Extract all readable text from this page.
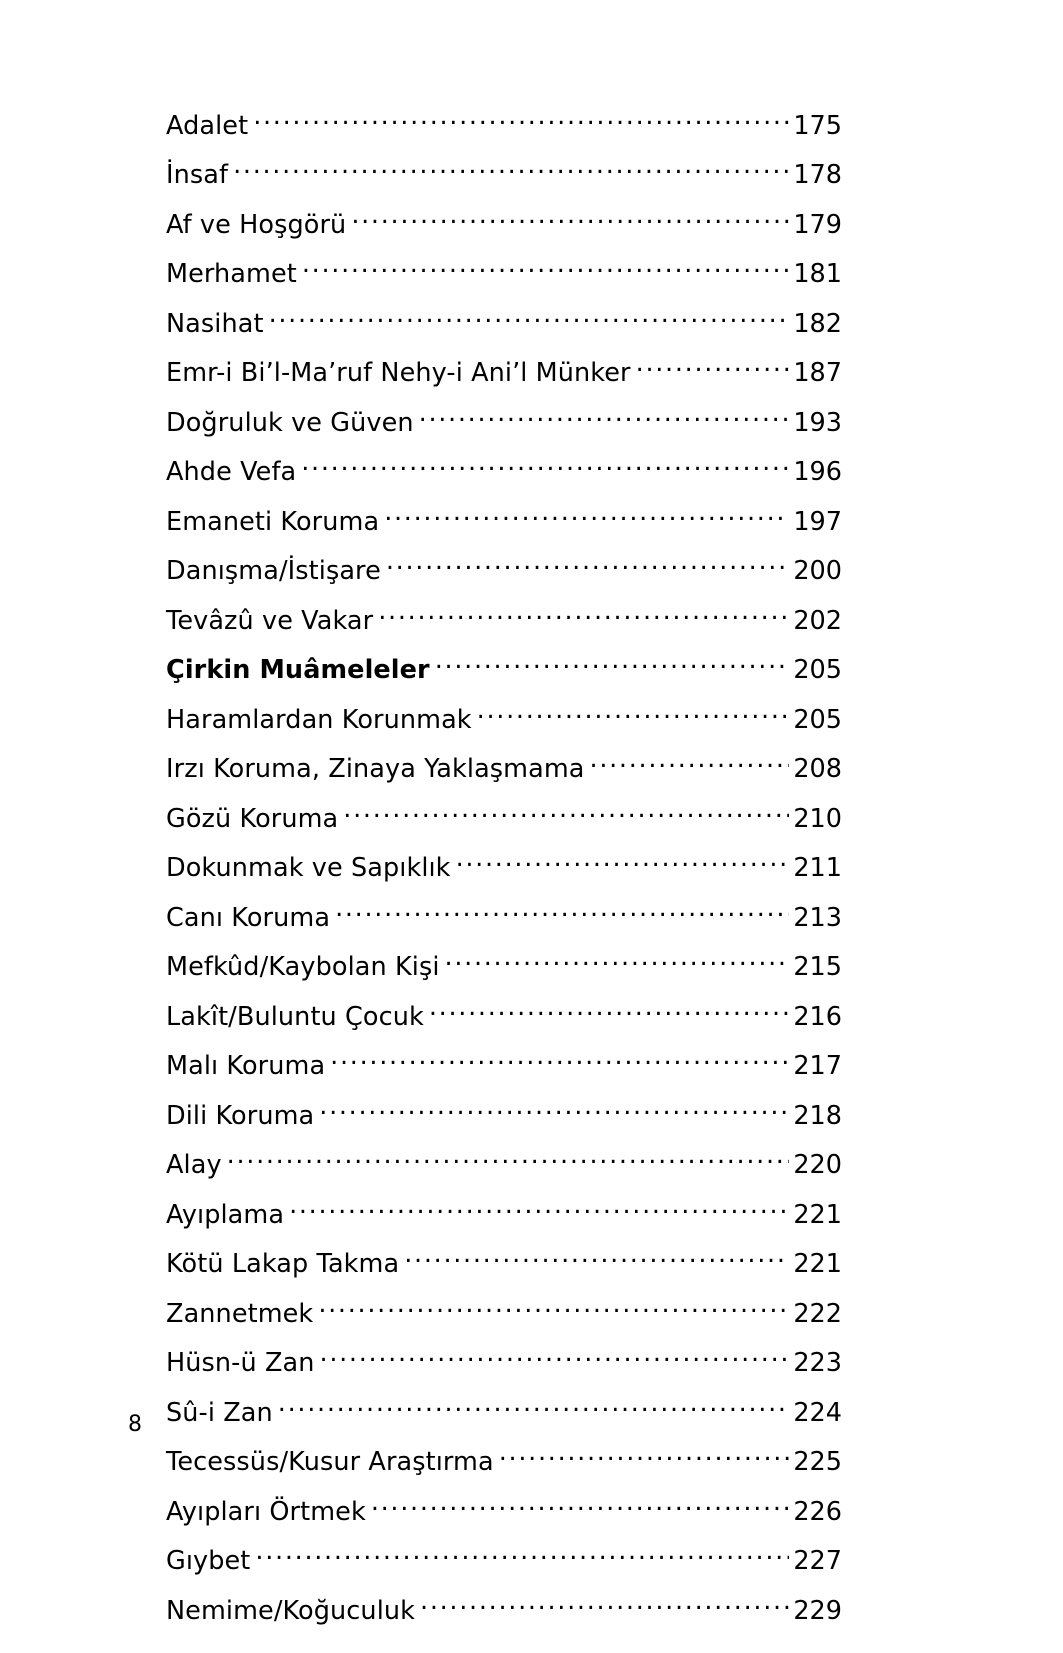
Adalet .....	175
İnsaf .....	178
Af ve Hoşgörü .....	179
Merhamet .....	181
Nasihat .....	182
Emr-i Bi’l-Ma’ruf Nehy-i Ani’l Münker .....	187
Doğruluk ve Güven .....	193
Ahde Vefa .....	196
Emaneti Koruma .....	197
Danışma/İstişare .....	200
Tevâzû ve Vakar .....	202
Çirkin Muâmeleler .....	205
Haramlardan Korunmak .....	205
Irzı Koruma, Zinaya Yaklaşmama .....	208
Gözü Koruma .....	210
Dokunmak ve Sapıklık .....	211
Canı Koruma .....	213
Mefkûd/Kaybolan Kişi .....	215
Lakît/Buluntu Çocuk .....	216
Malı Koruma .....	217
Dili Koruma .....	218
Alay .....	220
Ayıplama .....	221
Kötü Lakap Takma .....	221
Zannetmek .....	222
Hüsn-ü Zan .....	223
Sû-i Zan .....	224
Tecessüs/Kusur Araştırma .....	225
Ayıpları Örtmek .....	226
Gıybet .....	227
Nemime/Koğuculuk .....	229
8
